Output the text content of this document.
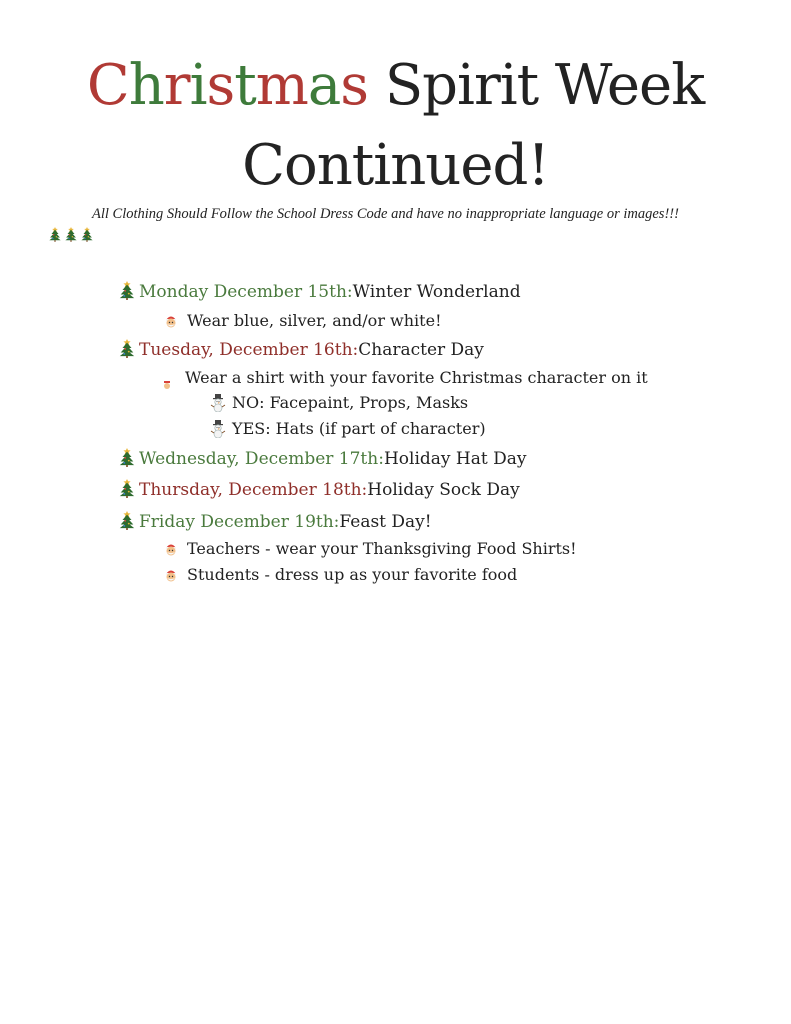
Christmas Spirit Week
Continued!
All Clothing Should Follow the School Dress Code and have no inappropriate language or images!!!
Monday December 15th: Winter Wonderland
Wear blue, silver, and/or white!
Tuesday, December 16th: Character Day
Wear a shirt with your favorite Christmas character on it
NO: Facepaint, Props, Masks
YES: Hats (if part of character)
Wednesday, December 17th: Holiday Hat Day
Thursday, December 18th: Holiday Sock Day
Friday December 19th: Feast Day!
Teachers - wear your Thanksgiving Food Shirts!
Students - dress up as your favorite food
